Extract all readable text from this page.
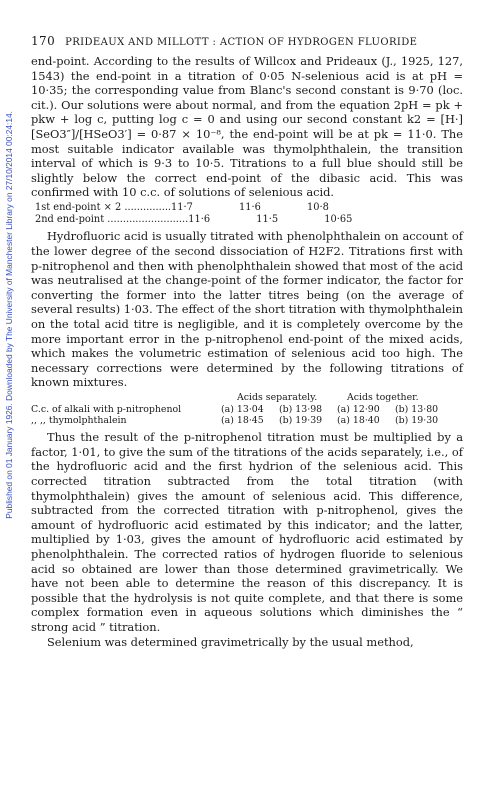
Published on 01 January 1926. Downloaded by The University of Manchester Library on 27/10/2014 00:24:14.
170 PRIDEAUX AND MILLOTT : ACTION OF HYDROGEN FLUORIDE

end-point. According to the results of Willcox and Prideaux (J., 1925, 127, 1543) the end-point in a titration of 0·05 N-selenious acid is at pH = 10·35; the corresponding value from Blanc's second constant is 9·70 (loc. cit.). Our solutions were about normal, and from the equation 2pH = pk + pkw + log c, putting log c = 0 and using our second constant k2 = [H·][SeO3″]/[HSeO3′] = 0·87 × 10⁻⁸, the end-point will be at pk = 11·0. The most suitable indicator available was thymolphthalein, the transition interval of which is 9·3 to 10·5. Titrations to a full blue should still be slightly below the correct end-point of the dibasic acid. This was confirmed with 10 c.c. of solutions of selenious acid.

1st end-point × 2 ............... 11·7	11·6	10·8
2nd end-point .......................... 11·6	11·5	10·65

Hydrofluoric acid is usually titrated with phenolphthalein on account of the lower degree of the second dissociation of H2F2. Titrations first with p-nitrophenol and then with phenolphthalein showed that most of the acid was neutralised at the change-point of the former indicator, the factor for converting the former into the latter titres being (on the average of several results) 1·03. The effect of the short titration with thymolphthalein on the total acid titre is negligible, and it is completely overcome by the more important error in the p-nitrophenol end-point of the mixed acids, which makes the volumetric estimation of selenious acid too high. The necessary corrections were determined by the following titrations of known mixtures.

Acids separately.	Acids together.
C.c. of alkali with p-nitrophenol	(a) 13·04	(b) 13·98	(a) 12·90	(b) 13·80
,, ,, thymolphthalein	(a) 18·45	(b) 19·39	(a) 18·40	(b) 19·30

Thus the result of the p-nitrophenol titration must be multiplied by a factor, 1·01, to give the sum of the titrations of the acids separately, i.e., of the hydrofluoric acid and the first hydrion of the selenious acid. This corrected titration subtracted from the total titration (with thymolphthalein) gives the amount of selenious acid. This difference, subtracted from the corrected titration with p-nitrophenol, gives the amount of hydrofluoric acid estimated by this indicator; and the latter, multiplied by 1·03, gives the amount of hydrofluoric acid estimated by phenolphthalein. The corrected ratios of hydrogen fluoride to selenious acid so obtained are lower than those determined gravimetrically. We have not been able to determine the reason of this discrepancy. It is possible that the hydrolysis is not quite complete, and that there is some complex formation even in aqueous solutions which diminishes the “ strong acid ” titration.

Selenium was determined gravimetrically by the usual method,
